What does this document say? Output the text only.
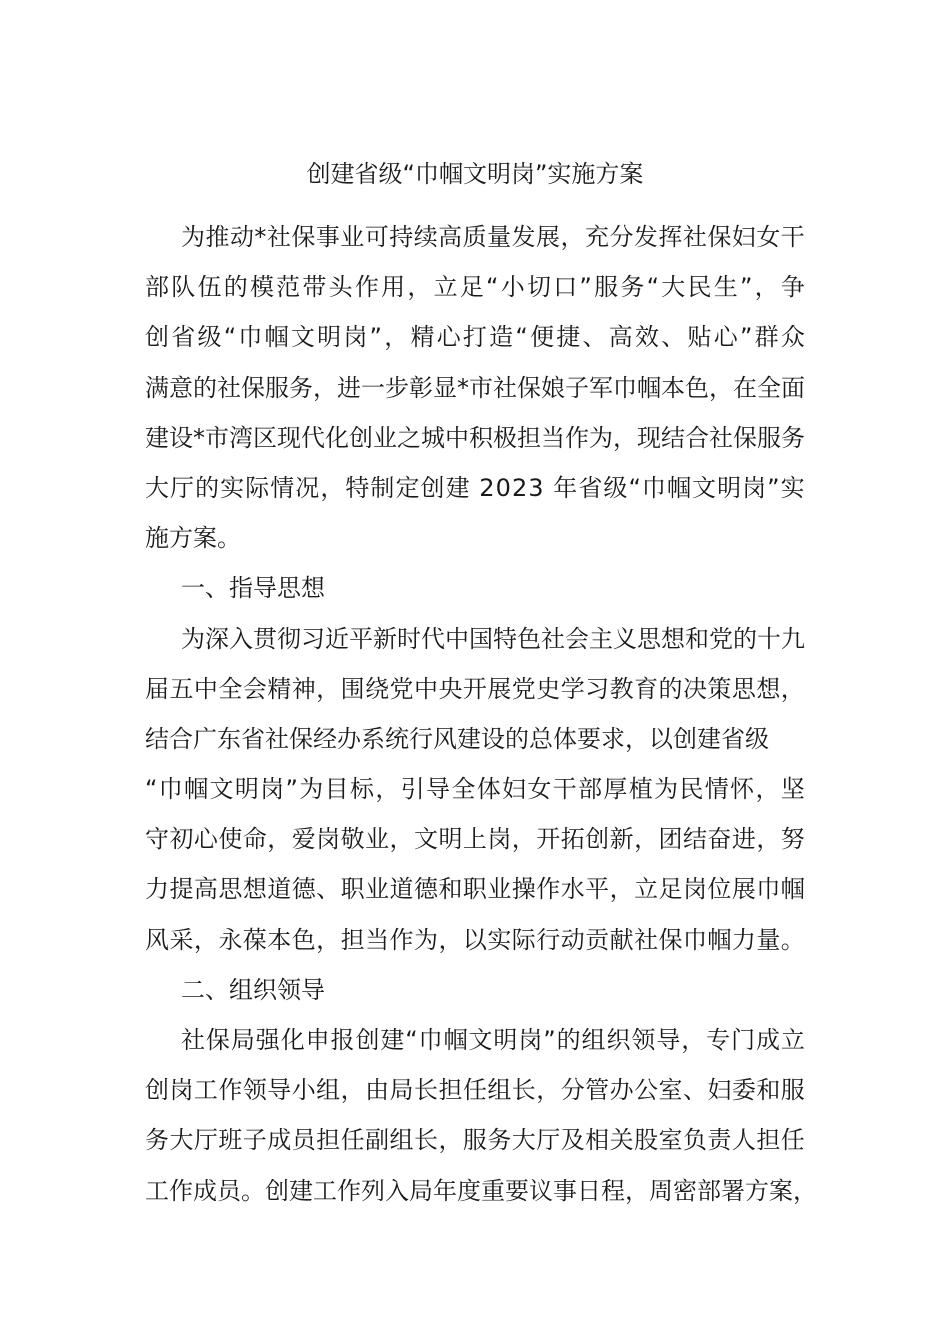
创建省级“巾帼文明岗”实施方案
为 推 动 * 社 保 事 业 可 持 续 高 质 量 发 展 ， 充 分 发 挥 社 保 妇 女 干
部 队 伍 的 模 范 带 头 作 用 ， 立 足 “ 小 切 口 ” 服 务 “ 大 民 生 ” ， 争
创 省 级 “ 巾 帼 文 明 岗 ” ， 精 心 打 造 “ 便 捷 、 高 效 、 贴 心 ” 群 众
满 意 的 社 保 服 务 ， 进 一 步 彰 显 * 市 社 保 娘 子 军 巾 帼 本 色 ， 在 全 面
建 设 * 市 湾 区 现 代 化 创 业 之 城 中 积 极 担 当 作 为 ， 现 结 合 社 保 服 务
大 厅 的 实 际 情 况 ， 特 制 定 创 建
2 0 2 3
年 省 级 “ 巾 帼 文 明 岗 ” 实
施方案。
一、指导思想
为 深 入 贯 彻 习 近 平 新 时 代 中 国 特 色 社 会 主 义 思 想 和 党 的 十 九
届 五 中 全 会 精 神 ， 围 绕 党 中 央 开 展 党 史 学 习 教 育 的 决 策 思 想 ，
结合广东省社保经办系统行风建设的总体要求，以创建省级
“ 巾 帼 文 明 岗 ” 为 目 标 ， 引 导 全 体 妇 女 干 部 厚 植 为 民 情 怀 ， 坚
守 初 心 使 命 ， 爱 岗 敬 业 ， 文 明 上 岗 ， 开 拓 创 新 ， 团 结 奋 进 ， 努
力 提 高 思 想 道 德 、 职 业 道 德 和 职 业 操 作 水 平 ， 立 足 岗 位 展 巾 帼
风 采 ， 永 葆 本 色 ， 担 当 作 为 ， 以 实 际 行 动 贡 献 社 保 巾 帼 力 量 。
二、组织领导
社 保 局 强 化 申 报 创 建 “ 巾 帼 文 明 岗 ” 的 组 织 领 导 ， 专 门 成 立
创 岗 工 作 领 导 小 组 ， 由 局 长 担 任 组 长 ， 分 管 办 公 室 、 妇 委 和 服
务 大 厅 班 子 成 员 担 任 副 组 长 ， 服 务 大 厅 及 相 关 股 室 负 责 人 担 任
工 作 成 员 。 创 建 工 作 列 入 局 年 度 重 要 议 事 日 程 ， 周 密 部 署 方 案 ，
